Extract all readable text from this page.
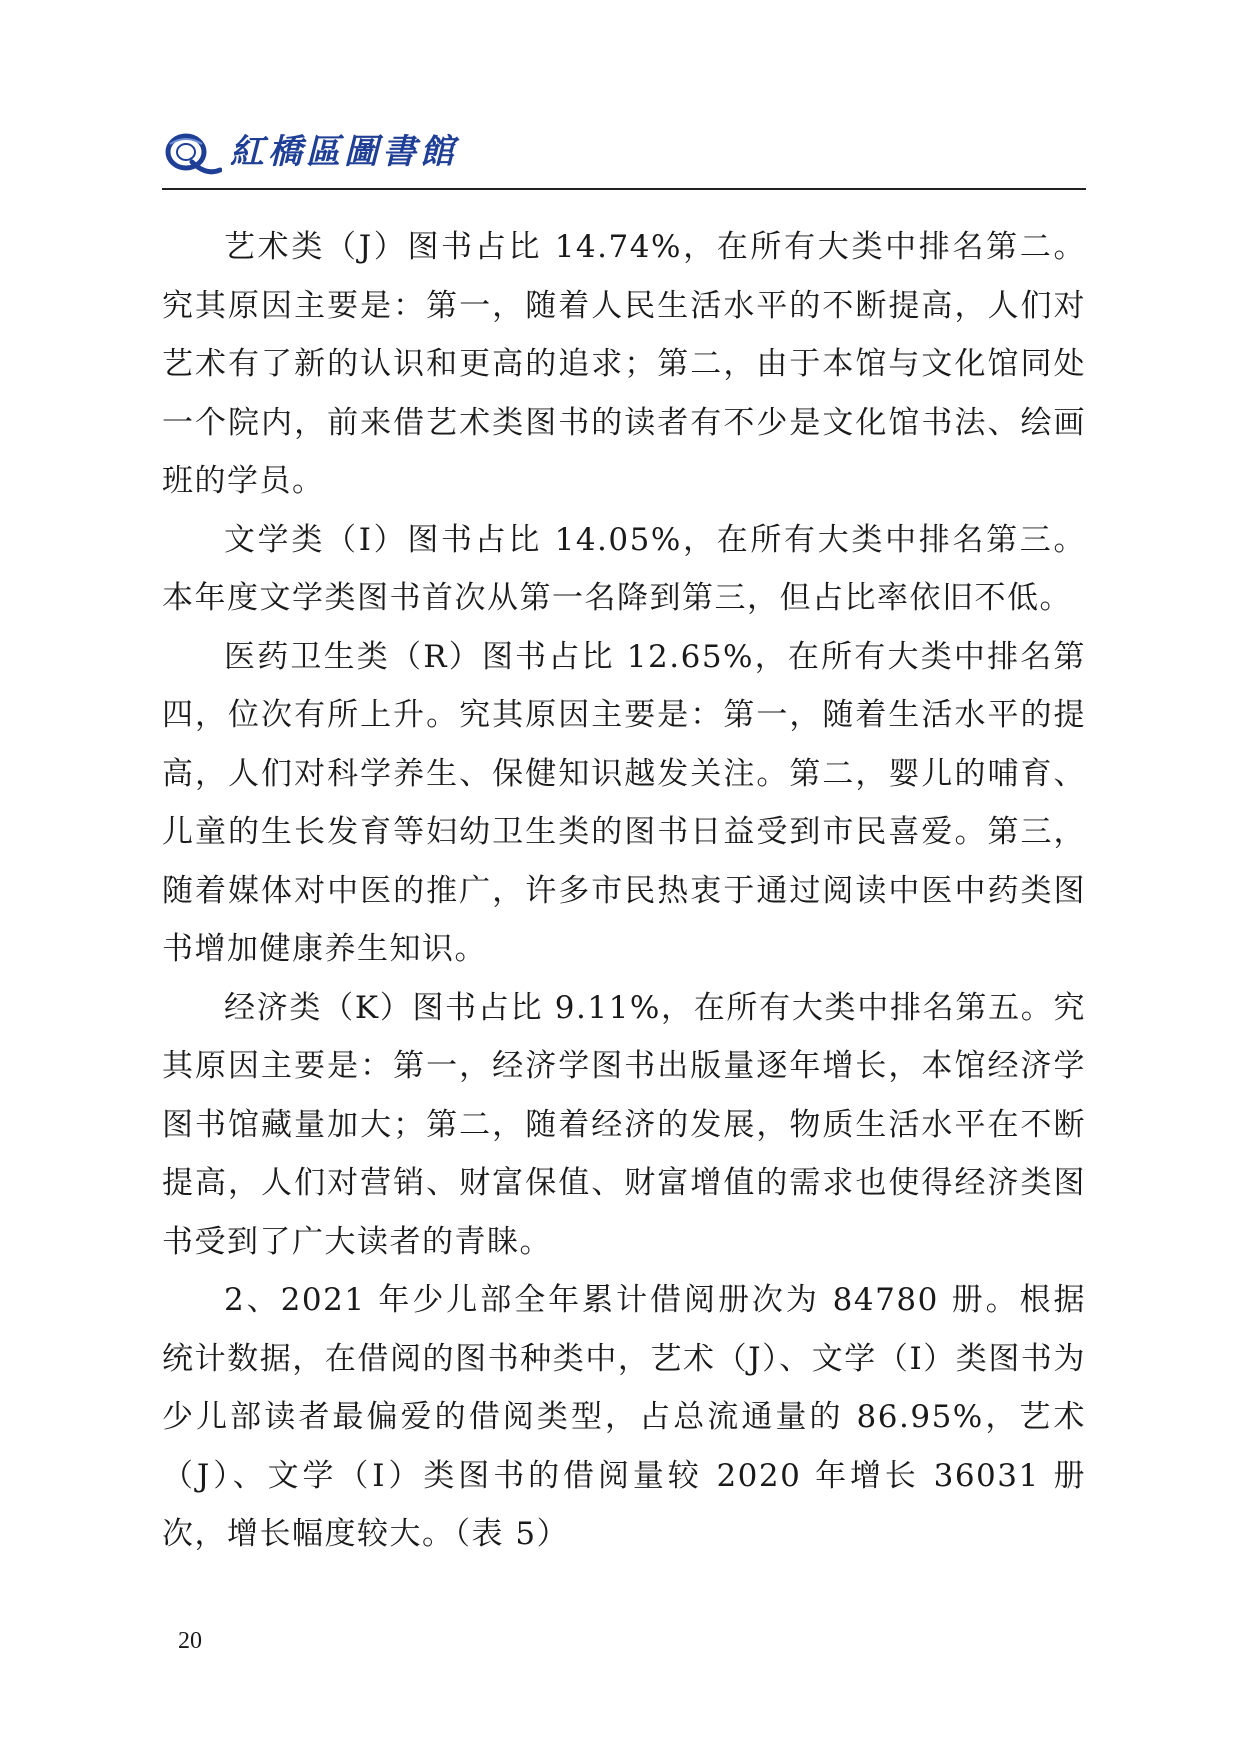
紅橋區圖書館

艺术类（J）图书占比 14.74%，在所有大类中排名第二。究其原因主要是：第一，随着人民生活水平的不断提高，人们对艺术有了新的认识和更高的追求；第二，由于本馆与文化馆同处一个院内，前来借艺术类图书的读者有不少是文化馆书法、绘画班的学员。

文学类（I）图书占比 14.05%，在所有大类中排名第三。本年度文学类图书首次从第一名降到第三，但占比率依旧不低。

医药卫生类（R）图书占比 12.65%，在所有大类中排名第四，位次有所上升。究其原因主要是：第一，随着生活水平的提高，人们对科学养生、保健知识越发关注。第二，婴儿的哺育、儿童的生长发育等妇幼卫生类的图书日益受到市民喜爱。第三，随着媒体对中医的推广，许多市民热衷于通过阅读中医中药类图书增加健康养生知识。

经济类（K）图书占比 9.11%，在所有大类中排名第五。究其原因主要是：第一，经济学图书出版量逐年增长，本馆经济学图书馆藏量加大；第二，随着经济的发展，物质生活水平在不断提高，人们对营销、财富保值、财富增值的需求也使得经济类图书受到了广大读者的青睐。

2、2021 年少儿部全年累计借阅册次为 84780 册。根据统计数据，在借阅的图书种类中，艺术（J）、文学（I）类图书为少儿部读者最偏爱的借阅类型，占总流通量的 86.95%，艺术（J）、文学（I）类图书的借阅量较 2020 年增长 36031 册次，增长幅度较大。（表 5）

20
